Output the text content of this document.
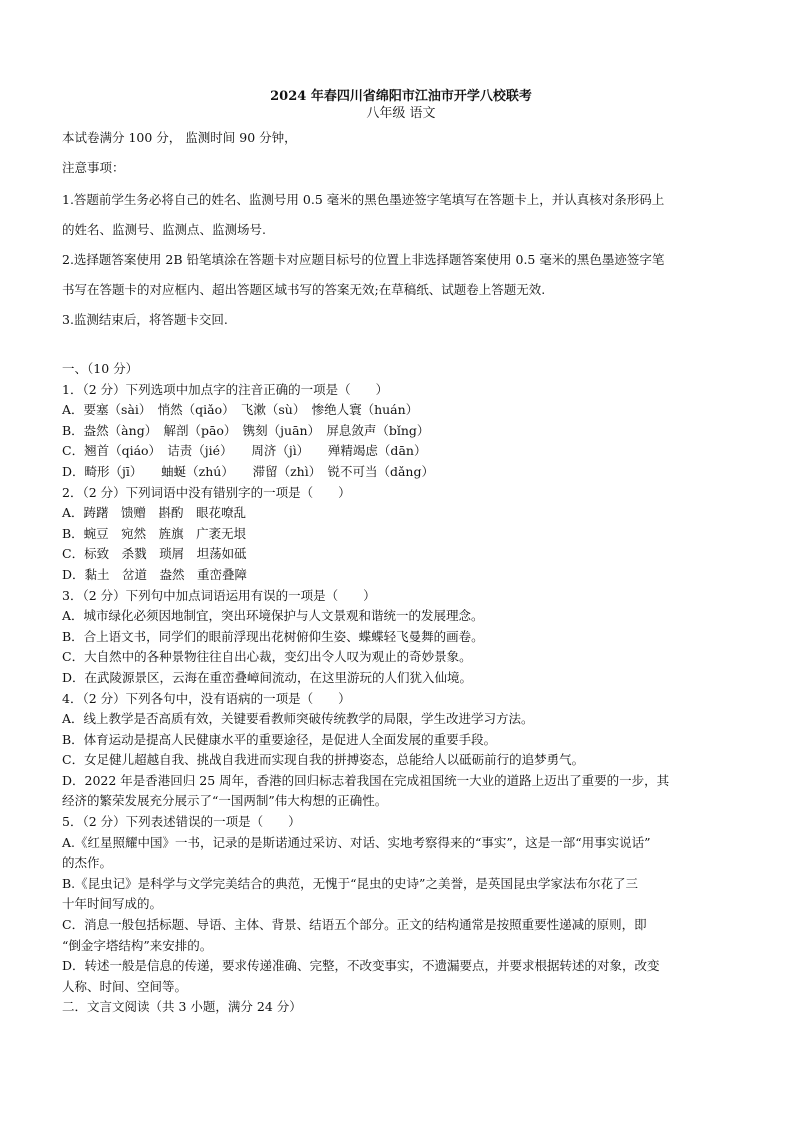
2024 年春四川省绵阳市江油市开学八校联考
八年级 语文
本试卷满分 100 分， 监测时间 90 分钟，
注意事项：
1.答题前学生务必将自己的姓名、监测号用 0.5 毫米的黑色墨迹签字笔填写在答题卡上，并认真核对条形码上
的姓名、监测号、监测点、监测场号.
2.选择题答案使用 2B 铅笔填涂在答题卡对应题目标号的位置上非选择题答案使用 0.5 毫米的黑色墨迹签字笔
书写在答题卡的对应框内、超出答题区域书写的答案无效;在草稿纸、试题卷上答题无效.
3.监测结束后，将答题卡交回.
一、（10 分）
1．（2 分）下列选项中加点字的注音正确的一项是（　　）
A．要塞（sài）　悄然（qiǎo）　飞漱（sù）　惨绝人寰（huán）
B．盎然（àng）　解剖（pāo）　镌刻（juān）　屏息敛声（bǐng）
C．翘首（qiáo）　诘责（jié）　　周济（jì）　　殚精竭虑（dān）
D．畸形（jī）　　蚰蜒（zhú）　　滞留（zhì）　锐不可当（dǎng）
2．（2 分）下列词语中没有错别字的一项是（　　）
A．踌躇　馈赠　斟酌　眼花嘹乱
B．蜿豆　宛然　旌旗　广袤无垠
C．标致　杀戮　琐屑　坦荡如砥
D．黏土　岔道　盎然　重峦叠障
3．（2 分）下列句中加点词语运用有误的一项是（　　）
A．城市绿化必须因地制宜，突出环境保护与人文景观和谐统一的发展理念。
B．合上语文书，同学们的眼前浮现出花树俯仰生姿、蝶蝶轻飞曼舞的画卷。
C．大自然中的各种景物往往自出心裁，变幻出令人叹为观止的奇妙景象。
D．在武陵源景区，云海在重峦叠嶂间流动，在这里游玩的人们犹入仙境。
4．（2 分）下列各句中，没有语病的一项是（　　）
A．线上教学是否高质有效，关键要看教师突破传统教学的局限，学生改进学习方法。
B．体育运动是提高人民健康水平的重要途径，是促进人全面发展的重要手段。
C．女足健儿超越自我、挑战自我进而实现自我的拼搏姿态，总能给人以砥砺前行的追梦勇气。
D．2022 年是香港回归 25 周年，香港的回归标志着我国在完成祖国统一大业的道路上迈出了重要的一步，其
经济的繁荣发展充分展示了“一国两制”伟大构想的正确性。
5．（2 分）下列表述错误的一项是（　　）
A.《红星照耀中国》一书，记录的是斯诺通过采访、对话、实地考察得来的“事实”，这是一部“用事实说话”
的杰作。
B.《昆虫记》是科学与文学完美结合的典范，无愧于“昆虫的史诗”之美誉，是英国昆虫学家法布尔花了三
十年时间写成的。
C．消息一般包括标题、导语、主体、背景、结语五个部分。正文的结构通常是按照重要性递减的原则，即
“倒金字塔结构”来安排的。
D．转述一般是信息的传递，要求传递准确、完整，不改变事实，不遗漏要点，并要求根据转述的对象，改变
人称、时间、空间等。
二．文言文阅读（共 3 小题，满分 24 分）
